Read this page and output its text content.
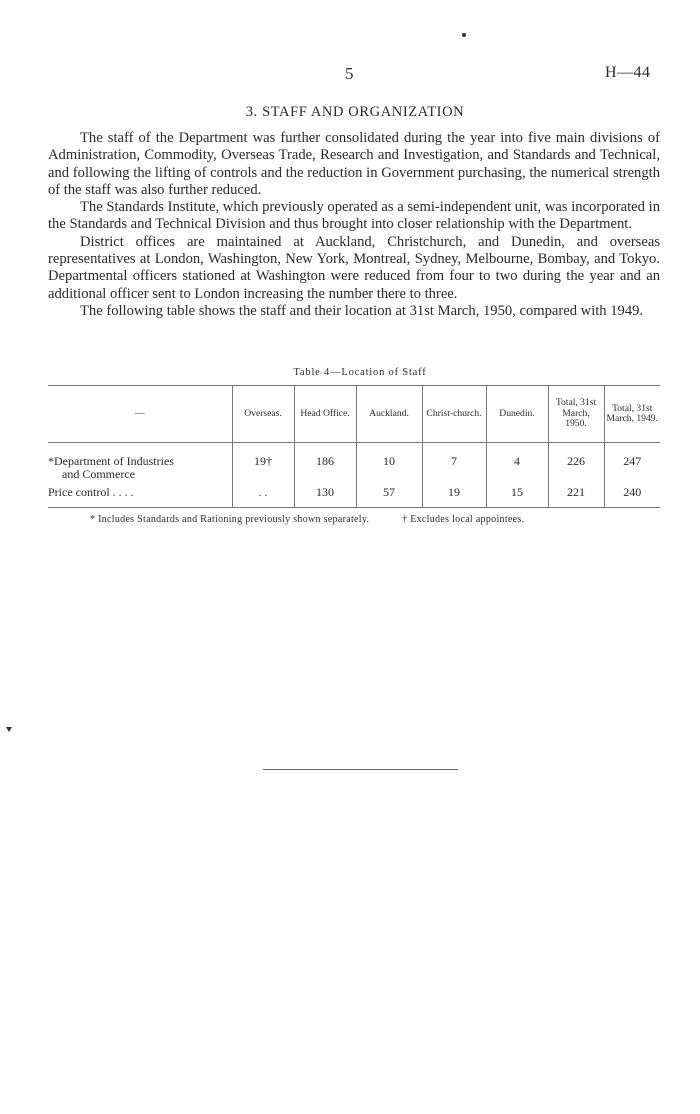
5	H—44
3. STAFF AND ORGANIZATION

The staff of the Department was further consolidated during the year into five main divisions of Administration, Commodity, Overseas Trade, Research and Investigation, and Standards and Technical, and following the lifting of controls and the reduction in Government purchasing, the numerical strength of the staff was also further reduced.

The Standards Institute, which previously operated as a semi-independent unit, was incorporated in the Standards and Technical Division and thus brought into closer relationship with the Department.

District offices are maintained at Auckland, Christchurch, and Dunedin, and overseas representatives at London, Washington, New York, Montreal, Sydney, Melbourne, Bombay, and Tokyo. Departmental officers stationed at Washington were reduced from four to two during the year and an additional officer sent to London increasing the number there to three.

The following table shows the staff and their location at 31st March, 1950, compared with 1949.

Table 4—Location of Staff
—	Overseas.	Head Office.	Auckland.	Christ-church.	Dunedin.	Total, 31st March, 1950.	Total, 31st March, 1949.

*Department of Industries
and Commerce	19†	186	10	7	4	226	247
Price control . . . .	. .	130	57	19	15	221	240
* Includes Standards and Rationing previously shown separately.	† Excludes local appointees.
